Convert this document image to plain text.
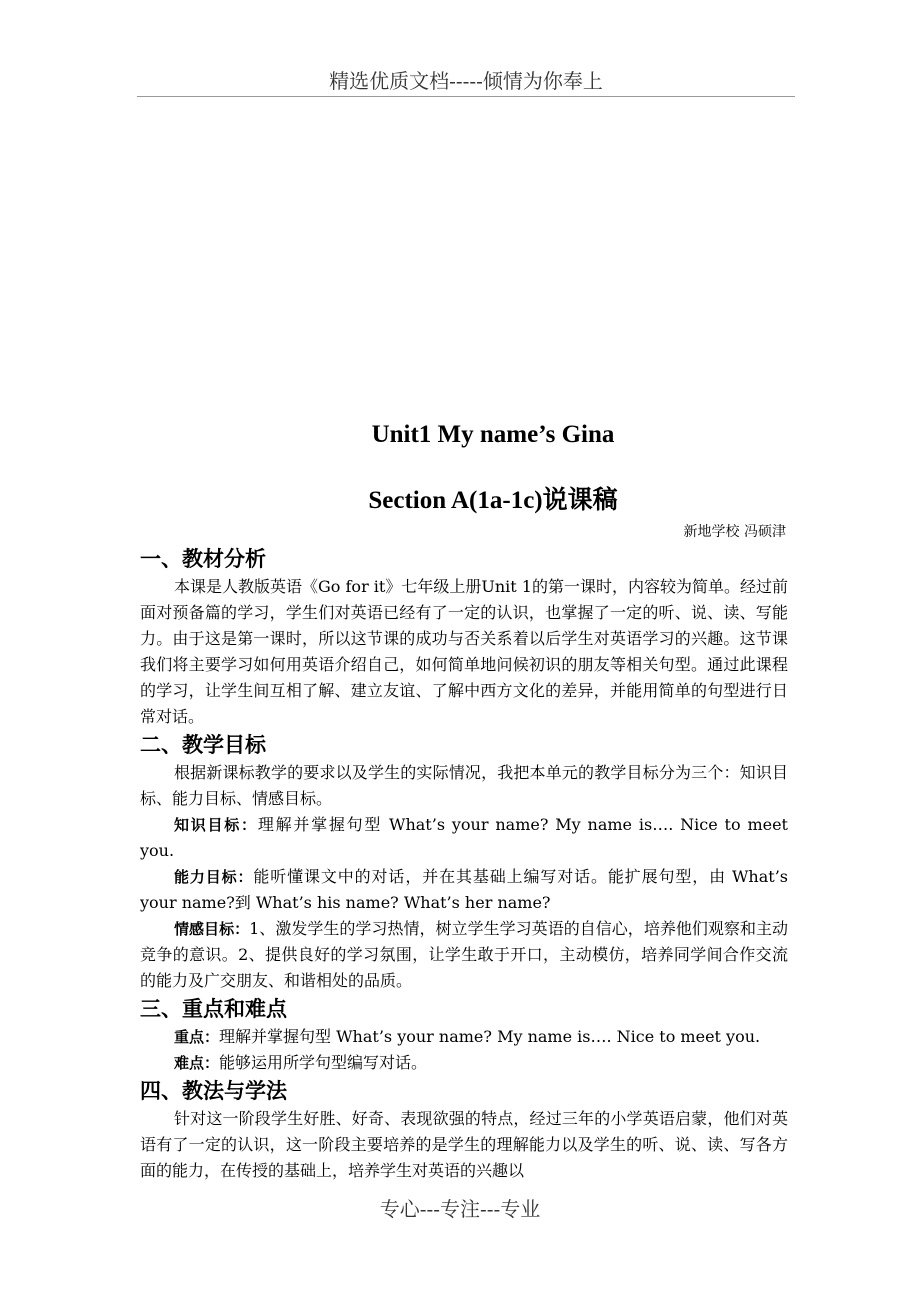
精选优质文档-----倾情为你奉上
Unit1 My name’s Gina
Section A(1a-1c)说课稿
新地学校 冯硕津
一、教材分析

本课是人教版英语《Go for it》七年级上册Unit 1的第一课时，内容较为简单。经过前面对预备篇的学习，学生们对英语已经有了一定的认识，也掌握了一定的听、说、读、写能力。由于这是第一课时，所以这节课的成功与否关系着以后学生对英语学习的兴趣。这节课我们将主要学习如何用英语介绍自己，如何简单地问候初识的朋友等相关句型。通过此课程的学习，让学生间互相了解、建立友谊、了解中西方文化的差异，并能用简单的句型进行日常对话。

二、教学目标

根据新课标教学的要求以及学生的实际情况，我把本单元的教学目标分为三个：知识目标、能力目标、情感目标。

知识目标：理解并掌握句型 What’s your name? My name is…. Nice to meet you.

能力目标：能听懂课文中的对话，并在其基础上编写对话。能扩展句型，由 What’s your name?到 What’s his name? What’s her name?

情感目标：1、激发学生的学习热情，树立学生学习英语的自信心，培养他们观察和主动竞争的意识。2、提供良好的学习氛围，让学生敢于开口，主动模仿，培养同学间合作交流的能力及广交朋友、和谐相处的品质。

三、重点和难点

重点：理解并掌握句型 What’s your name? My name is…. Nice to meet you.

难点：能够运用所学句型编写对话。

四、教法与学法

针对这一阶段学生好胜、好奇、表现欲强的特点，经过三年的小学英语启蒙，他们对英语有了一定的认识，这一阶段主要培养的是学生的理解能力以及学生的听、说、读、写各方面的能力，在传授的基础上，培养学生对英语的兴趣以

专心---专注---专业
